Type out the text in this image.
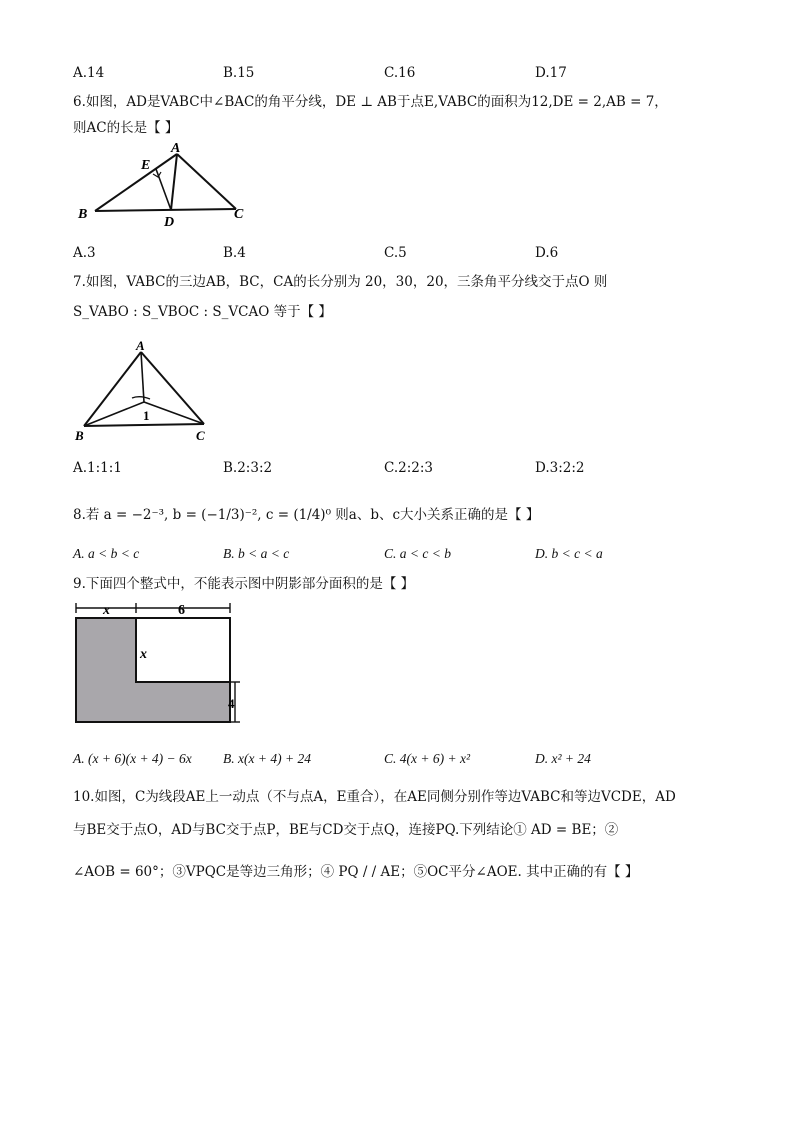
A.14	B.15	C.16	D.17
6.如图，AD是VABC中∠BAC的角平分线，DE ⊥ AB于点E,VABC的面积为12,DE = 2,AB = 7，
则AC的长是【 】
A
E
B
D
C
A.3	B.4	C.5	D.6
7.如图，VABC的三边AB，BC，CA的长分别为 20，30，20，三条角平分线交于点O 则
S_VABO : S_VBOC : S_VCAO 等于【 】
A
B	C
1
A.1:1:1	B.2:3:2	C.2:2:3	D.3:2:2
8.若 a = −2⁻³, b = (−1/3)⁻², c = (1/4)⁰ 则a、b、c大小关系正确的是【 】
A. a < b < c	B. b < a < c	C. a < c < b	D. b < c < a
9.下面四个整式中，不能表示图中阴影部分面积的是【 】
x	6
x
4
A. (x + 6)(x + 4) − 6x B. x(x + 4) + 24	C. 4(x + 6) + x²	D. x² + 24
10.如图，C为线段AE上一动点（不与点A，E重合），在AE同侧分别作等边VABC和等边VCDE，AD
与BE交于点O，AD与BC交于点P，BE与CD交于点Q，连接PQ.下列结论① AD = BE；②
∠AOB = 60°；③VPQC是等边三角形；④ PQ / / AE；⑤OC平分∠AOE. 其中正确的有【 】
